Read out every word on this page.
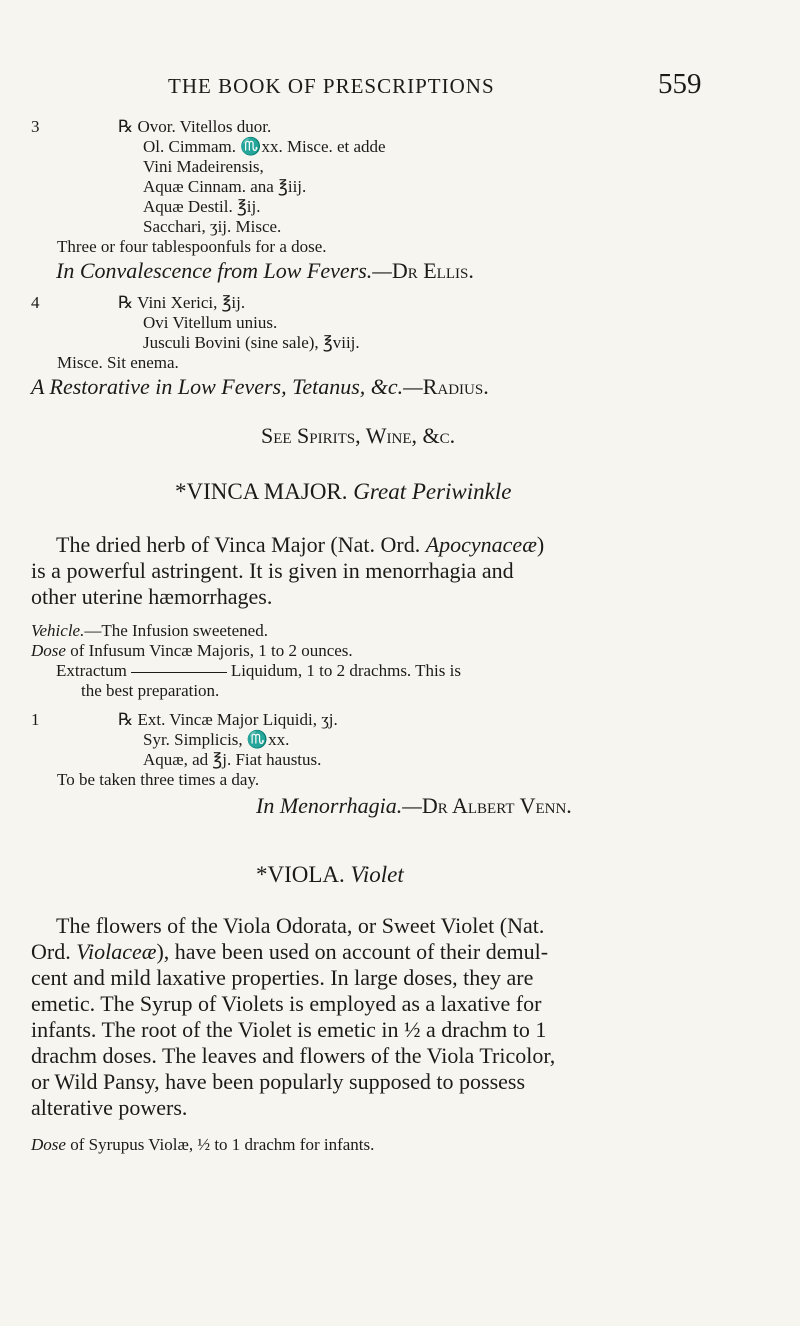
THE BOOK OF PRESCRIPTIONS	559
3	℞ Ovor. Vitellos duor.
Ol. Cimmam. ♏xx. Misce. et adde
Vini Madeirensis,
Aquæ Cinnam. ana ℥iij.
Aquæ Destil. ℥ij.
Sacchari, ʒij. Misce.
Three or four tablespoonfuls for a dose.
In Convalescence from Low Fevers.—Dr Ellis.
4	℞ Vini Xerici, ℥ij.
Ovi Vitellum unius.
Jusculi Bovini (sine sale), ℥viij.
Misce. Sit enema.
A Restorative in Low Fevers, Tetanus, &c.—Radius.
See Spirits, Wine, &c.
*VINCA MAJOR. Great Periwinkle
The dried herb of Vinca Major (Nat. Ord. Apocynaceæ)
is a powerful astringent. It is given in menorrhagia and
other uterine hæmorrhages.
Vehicle.—The Infusion sweetened.
Dose of Infusum Vincæ Majoris, 1 to 2 ounces.
Extractum	Liquidum, 1 to 2 drachms. This is
the best preparation.
1	℞ Ext. Vincæ Major Liquidi, ʒj.
Syr. Simplicis, ♏xx.
Aquæ, ad ℥j. Fiat haustus.
To be taken three times a day.
In Menorrhagia.—Dr Albert Venn.
*VIOLA. Violet
The flowers of the Viola Odorata, or Sweet Violet (Nat.
Ord. Violaceæ), have been used on account of their demul-
cent and mild laxative properties. In large doses, they are
emetic. The Syrup of Violets is employed as a laxative for
infants. The root of the Violet is emetic in ½ a drachm to 1
drachm doses. The leaves and flowers of the Viola Tricolor,
or Wild Pansy, have been popularly supposed to possess
alterative powers.
Dose of Syrupus Violæ, ½ to 1 drachm for infants.
